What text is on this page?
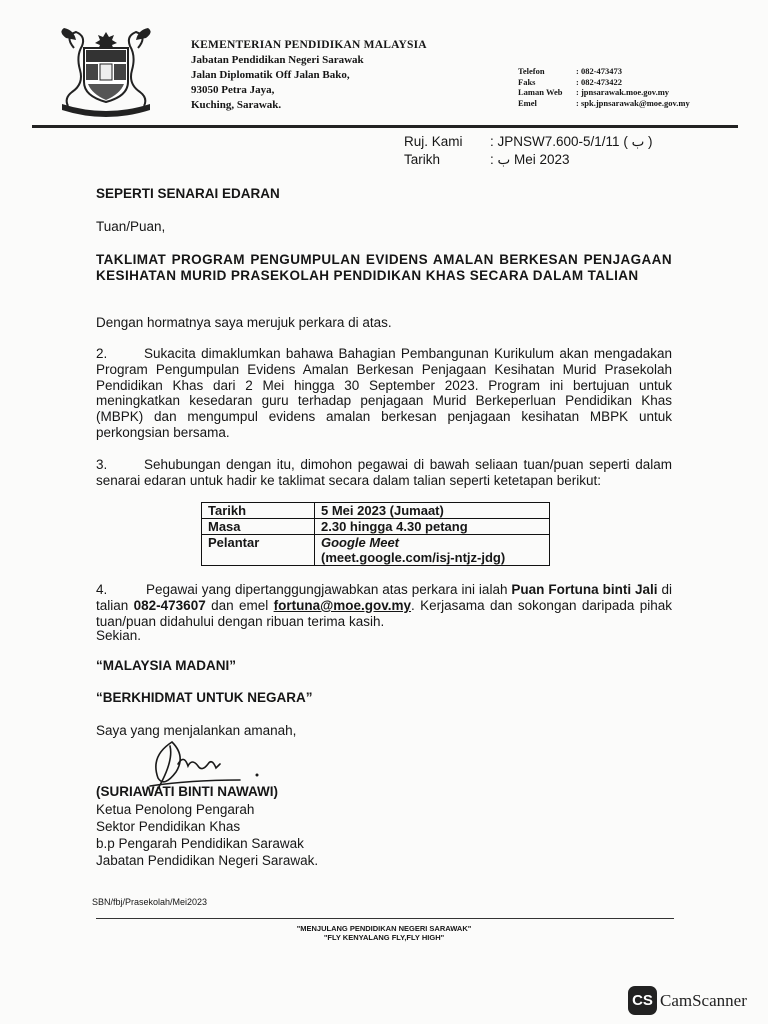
KEMENTERIAN PENDIDIKAN MALAYSIA
Jabatan Pendidikan Negeri Sarawak
Jalan Diplomatik Off Jalan Bako,
93050 Petra Jaya,
Kuching, Sarawak.
Telefon	: 082-473473
Faks	: 082-473422
Laman Web	: jpnsarawak.moe.gov.my
Emel	: spk.jpnsarawak@moe.gov.my
Ruj. Kami	: JPNSW7.600-5/1/11 ( ب )
Tarikh	: ب Mei 2023
SEPERTI SENARAI EDARAN
Tuan/Puan,
TAKLIMAT PROGRAM PENGUMPULAN EVIDENS AMALAN BERKESAN PENJAGAAN KESIHATAN MURID PRASEKOLAH PENDIDIKAN KHAS SECARA DALAM TALIAN
Dengan hormatnya saya merujuk perkara di atas.
2.	Sukacita dimaklumkan bahawa Bahagian Pembangunan Kurikulum akan mengadakan Program Pengumpulan Evidens Amalan Berkesan Penjagaan Kesihatan Murid Prasekolah Pendidikan Khas dari 2 Mei hingga 30 September 2023. Program ini bertujuan untuk meningkatkan kesedaran guru terhadap penjagaan Murid Berkeperluan Pendidikan Khas (MBPK) dan mengumpul evidens amalan berkesan penjagaan kesihatan MBPK untuk perkongsian bersama.
3.	Sehubungan dengan itu, dimohon pegawai di bawah seliaan tuan/puan seperti dalam senarai edaran untuk hadir ke taklimat secara dalam talian seperti ketetapan berikut:
Tarikh	5 Mei 2023 (Jumaat)
Masa	2.30 hingga 4.30 petang
Pelantar	Google Meet
(meet.google.com/isj-ntjz-jdg)
4.	Pegawai yang dipertanggungjawabkan atas perkara ini ialah Puan Fortuna binti Jali di talian 082-473607 dan emel fortuna@moe.gov.my. Kerjasama dan sokongan daripada pihak tuan/puan didahului dengan ribuan terima kasih.
Sekian.
“MALAYSIA MADANI”
“BERKHIDMAT UNTUK NEGARA”
Saya yang menjalankan amanah,
(SURIAWATI BINTI NAWAWI)
Ketua Penolong Pengarah
Sektor Pendidikan Khas
b.p Pengarah Pendidikan Sarawak
Jabatan Pendidikan Negeri Sarawak.
SBN/fbj/Prasekolah/Mei2023
"MENJULANG PENDIDIKAN NEGERI SARAWAK"
"FLY KENYALANG FLY,FLY HIGH"
CS CamScanner
